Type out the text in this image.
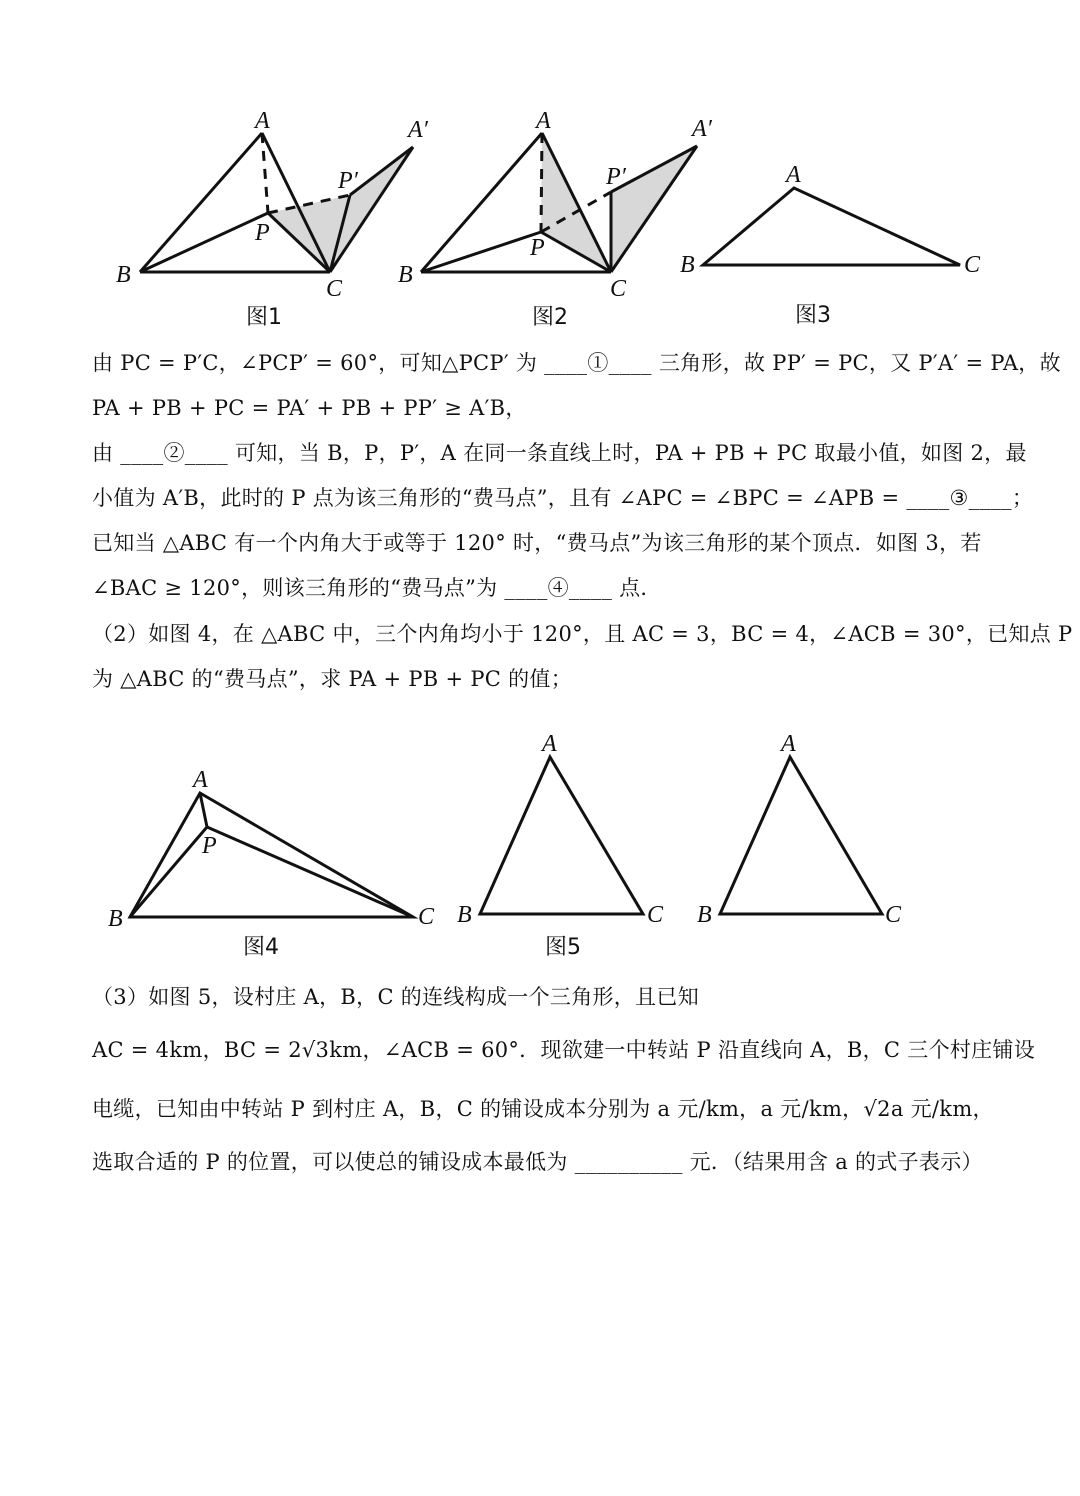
A	A′
P′
P
B
C
图1
A	A′
P′
P
B
C
图2
A
B	C
图3
A
P
B	C
图4
A
B	C
图5
A
B	C
由 PC = P′C，∠PCP′ = 60°，可知△PCP′ 为 ____①____ 三角形，故 PP′ = PC，又 P′A′ = PA，故
PA + PB + PC = PA′ + PB + PP′ ≥ A′B，
由 ____②____ 可知，当 B，P，P′，A 在同一条直线上时，PA + PB + PC 取最小值，如图 2，最
小值为 A′B，此时的 P 点为该三角形的“费马点”，且有 ∠APC = ∠BPC = ∠APB = ____③____；
已知当 △ABC 有一个内角大于或等于 120° 时，“费马点”为该三角形的某个顶点．如图 3，若
∠BAC ≥ 120°，则该三角形的“费马点”为 ____④____ 点．
（2）如图 4，在 △ABC 中，三个内角均小于 120°，且 AC = 3，BC = 4，∠ACB = 30°，已知点 P
为 △ABC 的“费马点”，求 PA + PB + PC 的值；
（3）如图 5，设村庄 A，B，C 的连线构成一个三角形，且已知
AC = 4km，BC = 2√3km，∠ACB = 60°．现欲建一中转站 P 沿直线向 A，B，C 三个村庄铺设
电缆，已知由中转站 P 到村庄 A，B，C 的铺设成本分别为 a 元/km，a 元/km，√2a 元/km，
选取合适的 P 的位置，可以使总的铺设成本最低为 __________ 元．（结果用含 a 的式子表示）
